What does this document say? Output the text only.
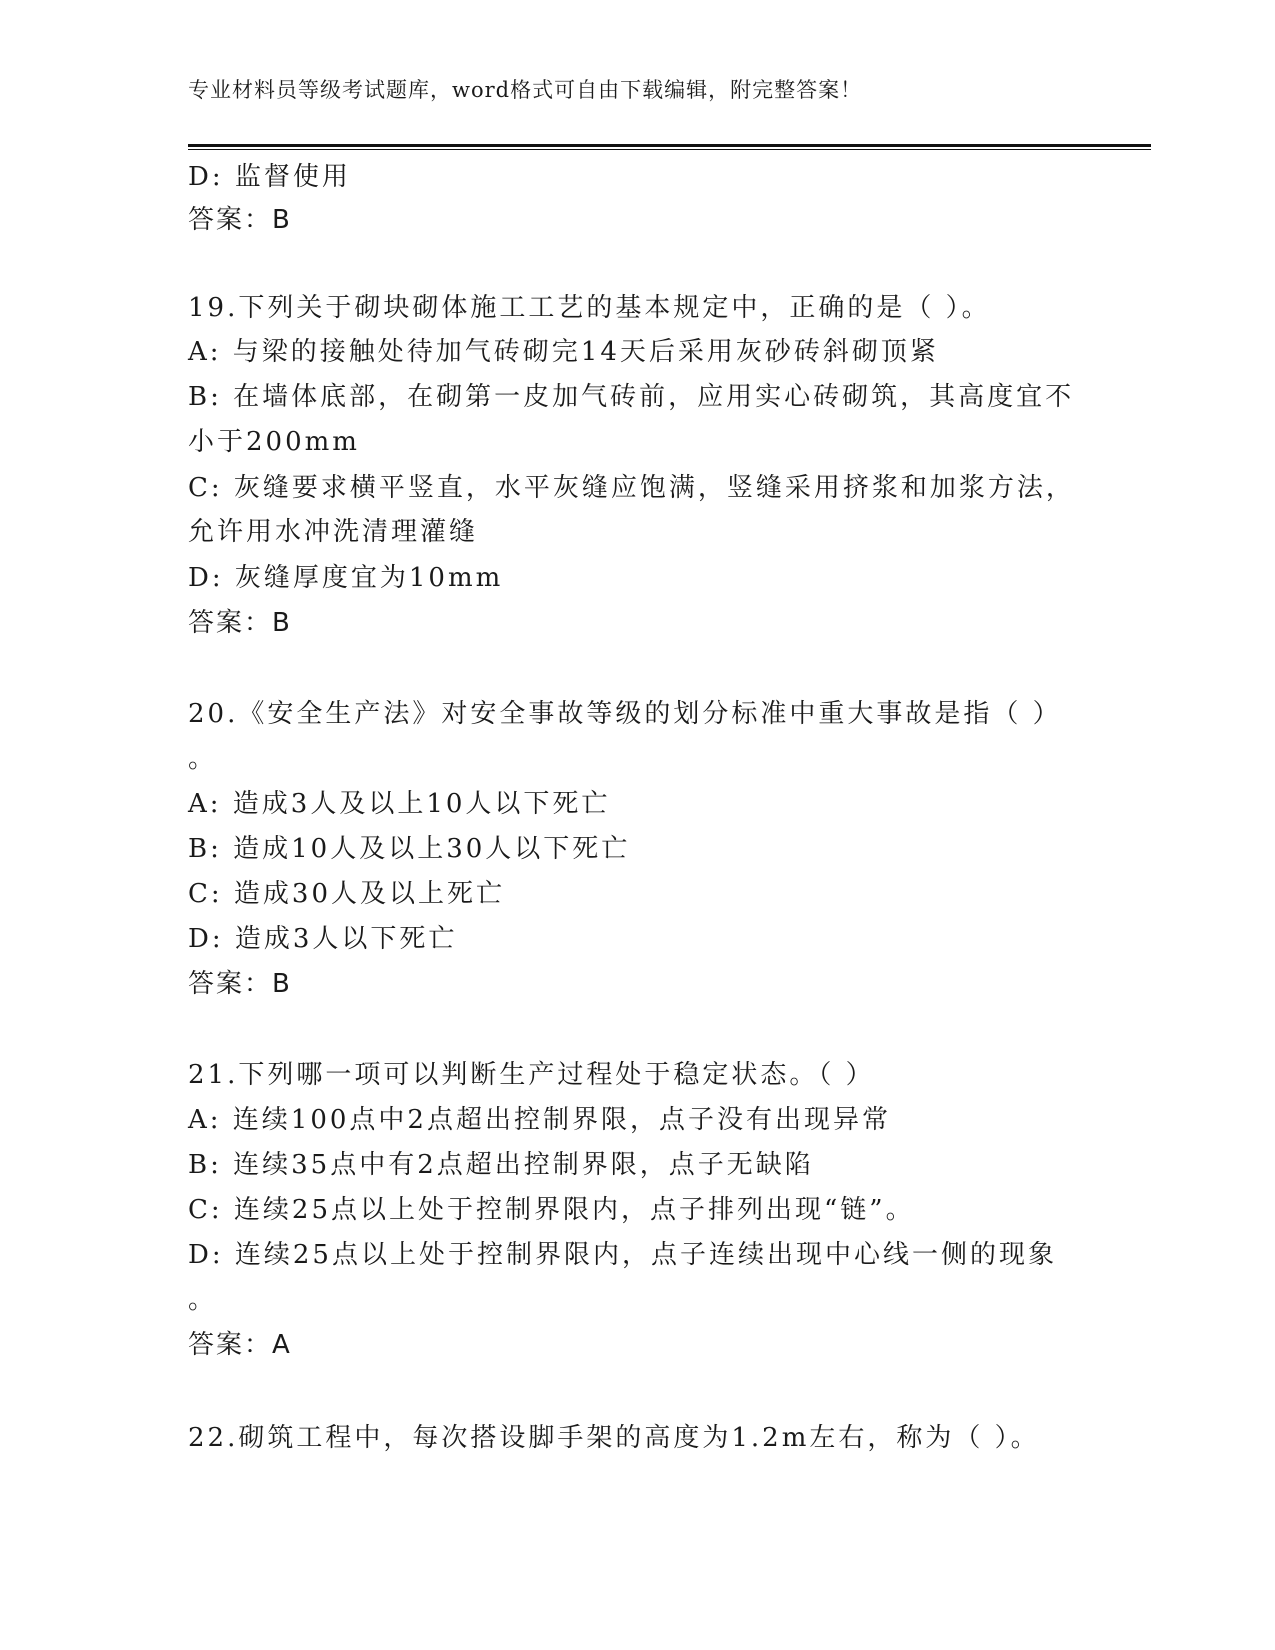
专业材料员等级考试题库，word格式可自由下载编辑，附完整答案！
D: 监督使用
答案：B
19.下列关于砌块砌体施工工艺的基本规定中，正确的是（ ）。
A: 与梁的接触处待加气砖砌完14天后采用灰砂砖斜砌顶紧
B: 在墙体底部，在砌第一皮加气砖前，应用实心砖砌筑，其高度宜不
小于200mm
C: 灰缝要求横平竖直，水平灰缝应饱满，竖缝采用挤浆和加浆方法，
允许用水冲洗清理灌缝
D: 灰缝厚度宜为10mm
答案：B
20.《安全生产法》对安全事故等级的划分标准中重大事故是指（ ）
。
A: 造成3人及以上10人以下死亡
B: 造成10人及以上30人以下死亡
C: 造成30人及以上死亡
D: 造成3人以下死亡
答案：B
21.下列哪一项可以判断生产过程处于稳定状态。（ ）
A: 连续100点中2点超出控制界限，点子没有出现异常
B: 连续35点中有2点超出控制界限，点子无缺陷
C: 连续25点以上处于控制界限内，点子排列出现“链”。
D: 连续25点以上处于控制界限内，点子连续出现中心线一侧的现象
。
答案：A
22.砌筑工程中，每次搭设脚手架的高度为1.2m左右，称为（ ）。
